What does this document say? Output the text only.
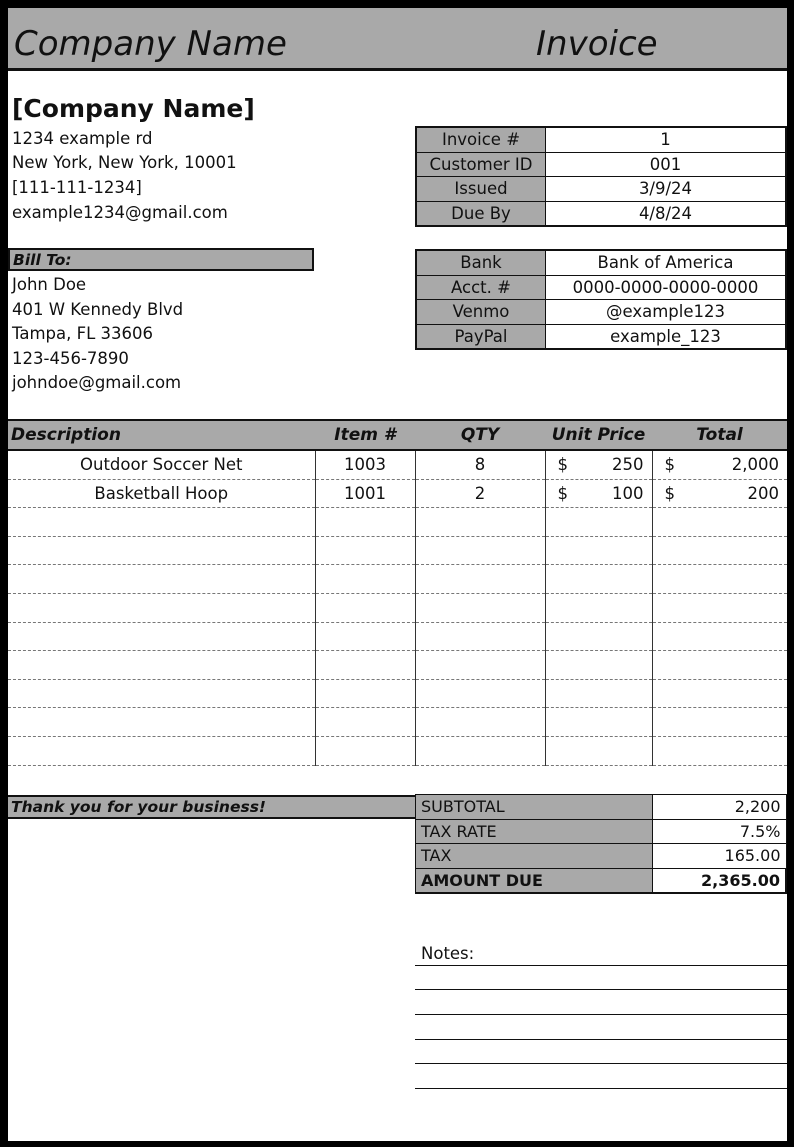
Company Name	Invoice
[Company Name]
1234 example rd
New York, New York, 10001
[111-111-1234]
example1234@gmail.com
Invoice #	1
Customer ID	001
Issued	3/9/24
Due By	4/8/24
Bank	Bank of America
Acct. #	0000-0000-0000-0000
Venmo	@example123
PayPal	example_123
Bill To:
John Doe
401 W Kennedy Blvd
Tampa, FL 33606
123-456-7890
johndoe@gmail.com
Description	Item #	QTY	Unit Price	Total
Outdoor Soccer Net	1003	8	$ 250	$ 2,000

Basketball Hoop	1001	2	$ 100	$ 200

Thank you for your business!	SUBTOTAL	2,200
TAX RATE	7.5%
TAX	165.00
AMOUNT DUE	2,365.00
Notes:
